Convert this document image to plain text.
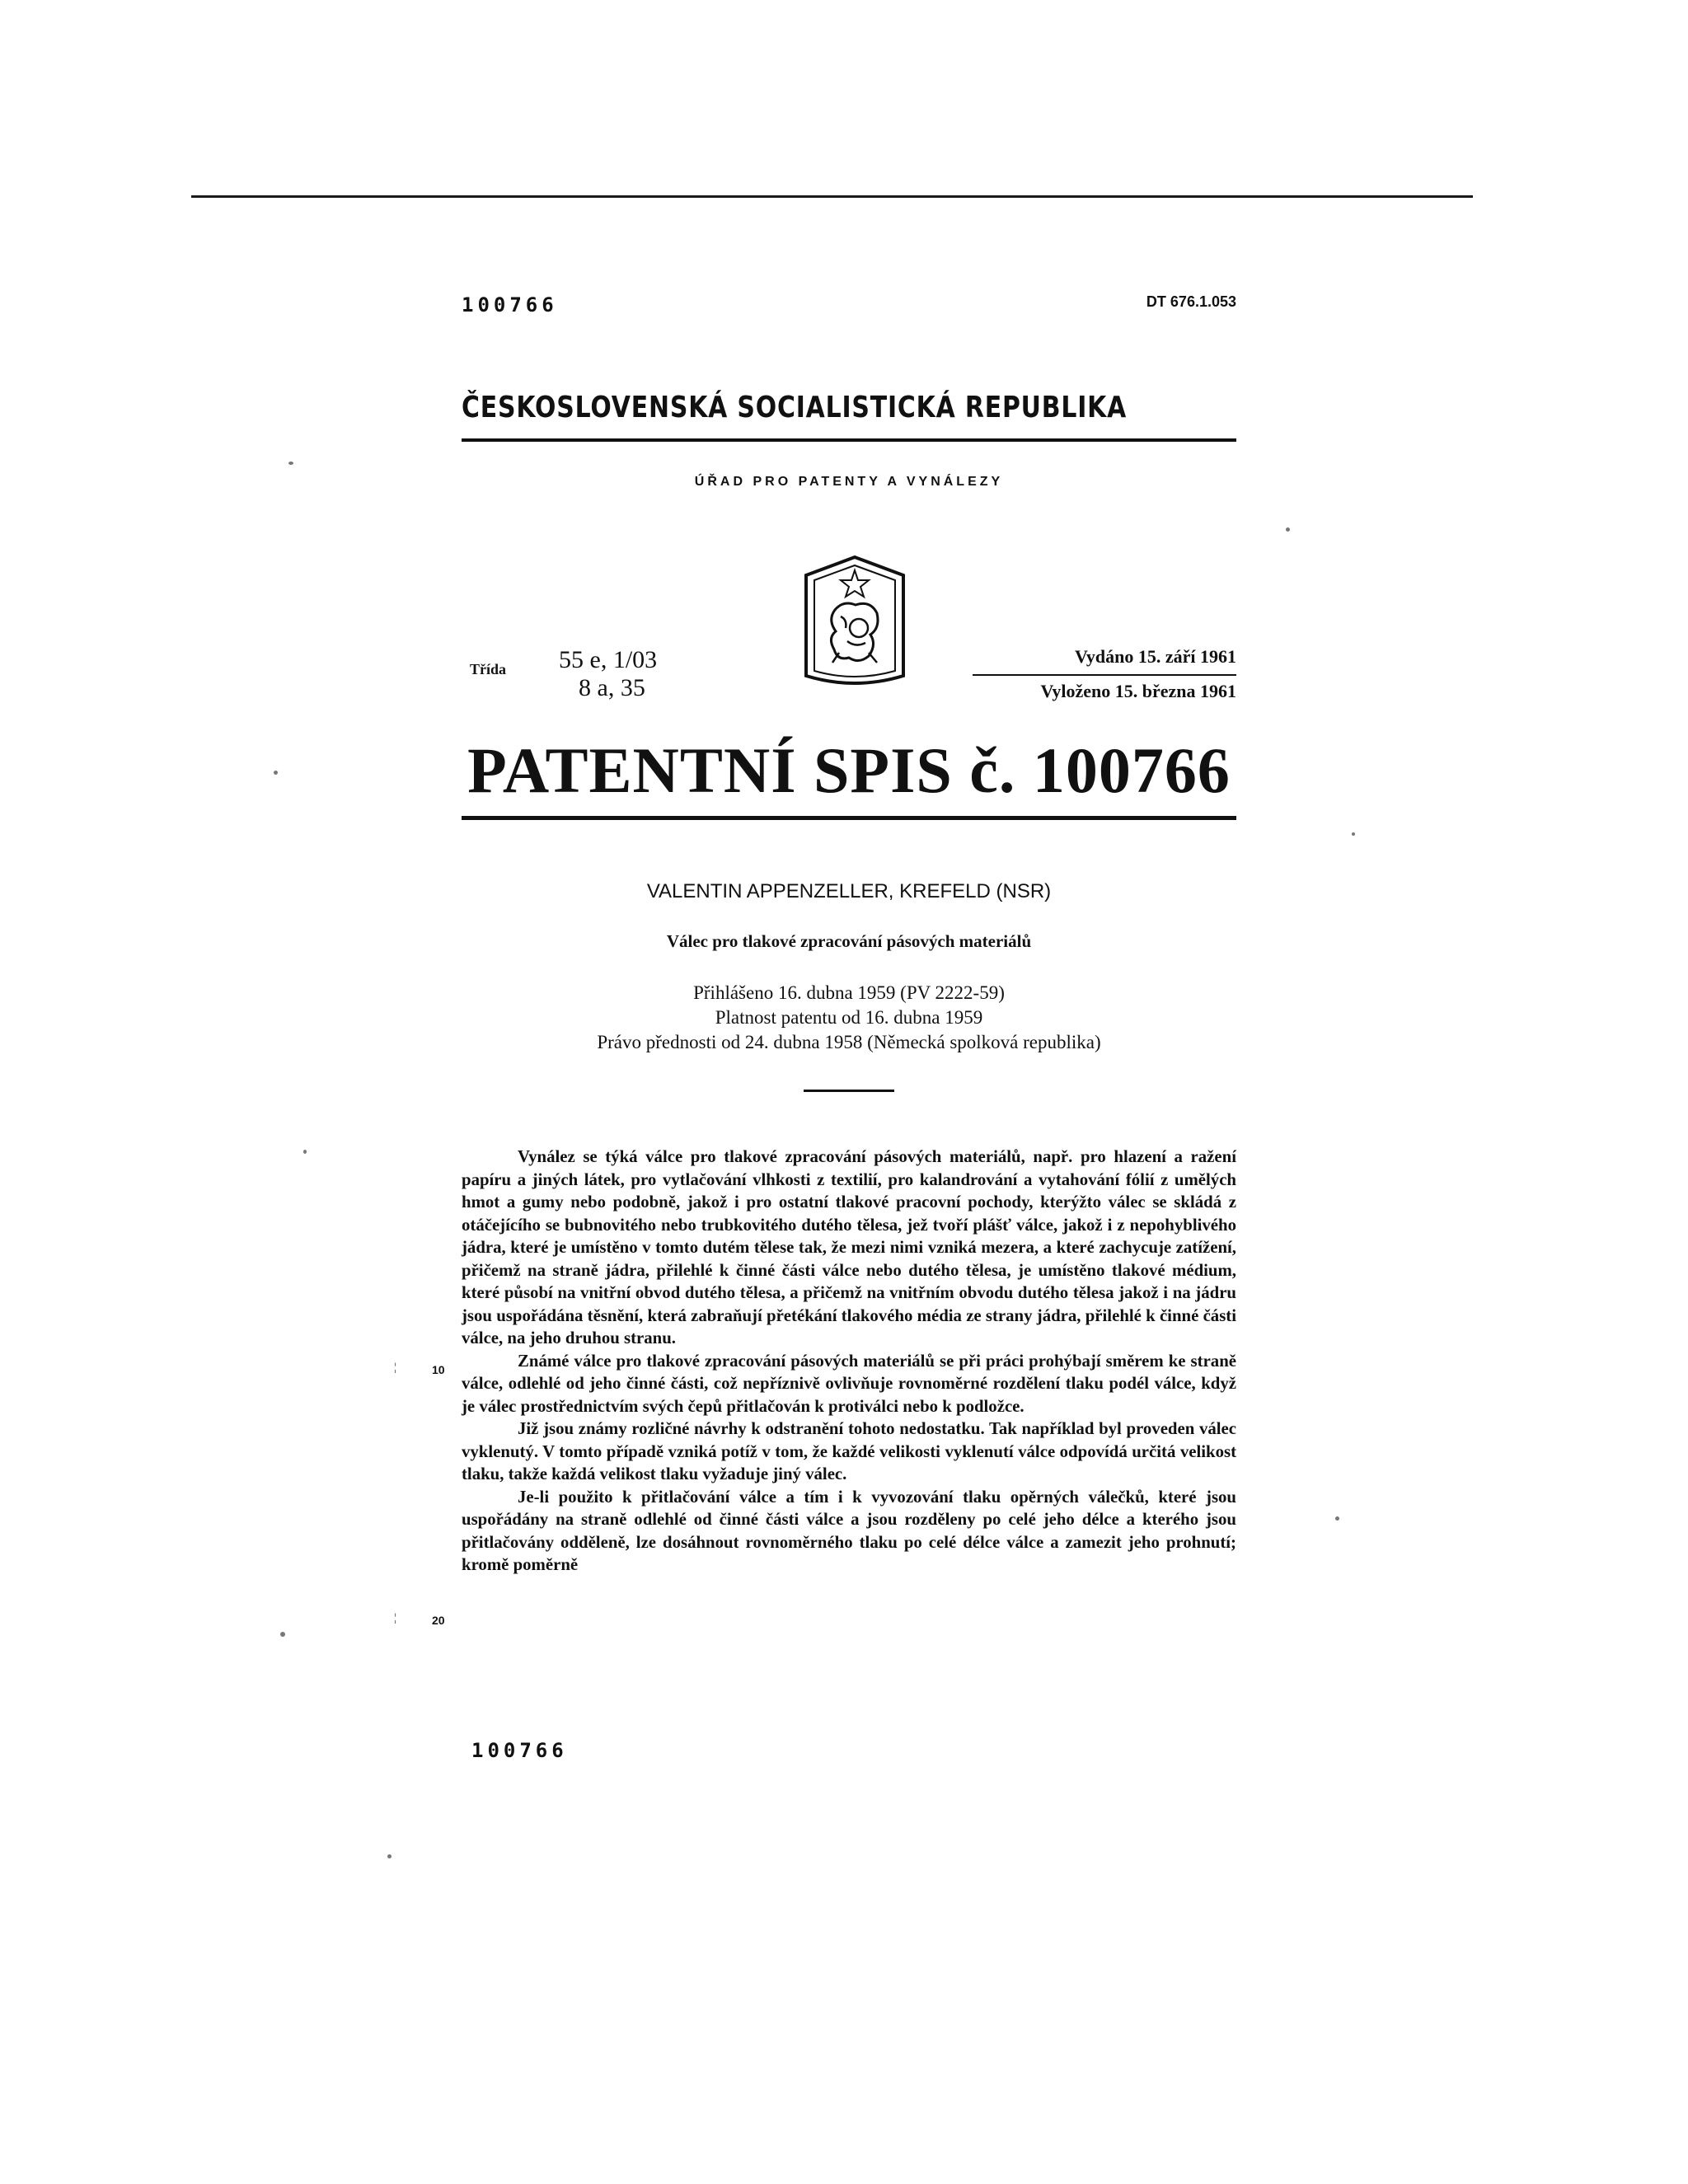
100766	DT 676.1.053
ČESKOSLOVENSKÁ SOCIALISTICKÁ REPUBLIKA
ÚŘAD PRO PATENTY A VYNÁLEZY
Třída 55 e, 1/03
8 a, 35
Vydáno 15. září 1961
Vyloženo 15. března 1961
PATENTNÍ SPIS č. 100766
VALENTIN APPENZELLER, KREFELD (NSR)
Válec pro tlakové zpracování pásových materiálů
Přihlášeno 16. dubna 1959 (PV 2222-59)
Platnost patentu od 16. dubna 1959
Právo přednosti od 24. dubna 1958 (Německá spolková republika)

Vynález se týká válce pro tlakové zpracování pásových materiálů, např. pro hlazení a ražení papíru a jiných látek, pro vytlačování vlhkosti z textilií, pro kalandrování a vytahování fólií z umělých hmot a gumy nebo podobně, jakož i pro ostatní tlakové pracovní pochody, kterýžto válec se skládá z otáčejícího se bubnovitého nebo trubkovitého dutého tělesa, jež tvoří plášť válce, jakož i z nepohyblivého jádra, které je umístěno v tomto dutém tělese tak, že mezi nimi vzniká mezera, a které zachycuje zatížení, přičemž na straně jádra, přilehlé k činné části válce nebo dutého tělesa, je umístěno tlakové médium, které působí na vnitřní obvod dutého tělesa, a přičemž na vnitřním obvodu dutého tělesa jakož i na jádru jsou uspořádána těsnění, která zabraňují přetékání tlakového média ze strany jádra, přilehlé k činné části válce, na jeho druhou stranu.

Známé válce pro tlakové zpracování pásových materiálů se při práci prohýbají směrem ke straně válce, odlehlé od jeho činné části, což nepříznivě ovlivňuje rovnoměrné rozdělení tlaku podél válce, když je válec prostřednictvím svých čepů přitlačován k protiválci nebo k podložce.

Již jsou známy rozličné návrhy k odstranění tohoto nedostatku. Tak například byl proveden válec vyklenutý. V tomto případě vzniká potíž v tom, že každé velikosti vyklenutí válce odpovídá určitá velikost tlaku, takže každá velikost tlaku vyžaduje jiný válec.

Je-li použito k přitlačování válce a tím i k vyvozování tlaku opěrných válečků, které jsou uspořádány na straně odlehlé od činné části válce a jsou rozděleny po celé jeho délce a kterého jsou přitlačovány odděleně, lze dosáhnout rovnoměrného tlaku po celé délce válce a zamezit jeho prohnutí; kromě poměrně

¦	10
¦	20
100766
